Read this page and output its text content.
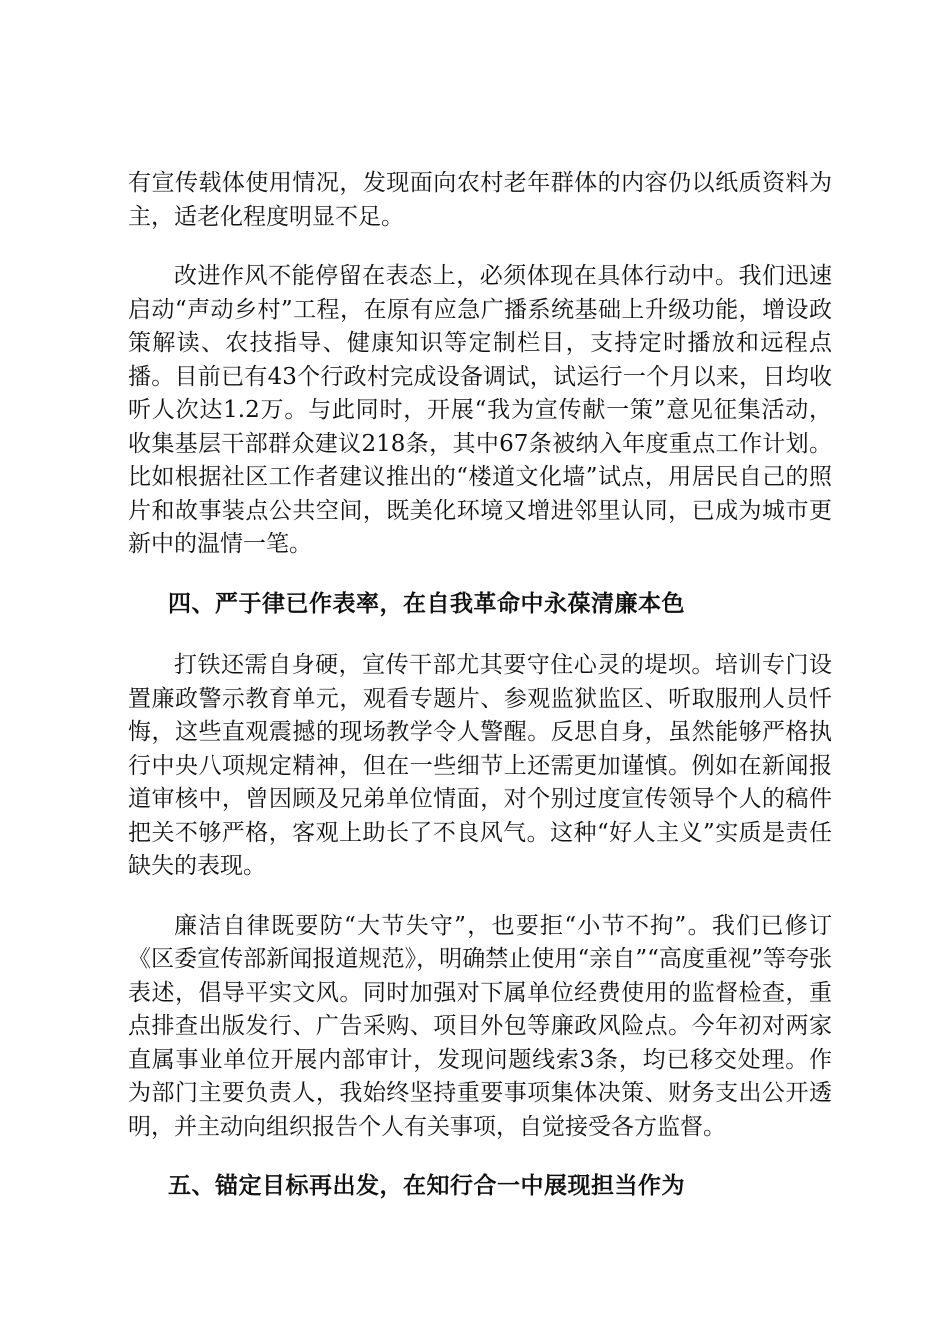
有宣传载体使用情况，发现面向农村老年群体的内容仍以纸质资料为主，适老化程度明显不足。

改进作风不能停留在表态上，必须体现在具体行动中。我们迅速启动“声动乡村”工程，在原有应急广播系统基础上升级功能，增设政策解读、农技指导、健康知识等定制栏目，支持定时播放和远程点播。目前已有43个行政村完成设备调试，试运行一个月以来，日均收听人次达1.2万。与此同时，开展“我为宣传献一策”意见征集活动，收集基层干部群众建议218条，其中67条被纳入年度重点工作计划。比如根据社区工作者建议推出的“楼道文化墙”试点，用居民自己的照片和故事装点公共空间，既美化环境又增进邻里认同，已成为城市更新中的温情一笔。

四、严于律已作表率，在自我革命中永葆清廉本色

打铁还需自身硬，宣传干部尤其要守住心灵的堤坝。培训专门设置廉政警示教育单元，观看专题片、参观监狱监区、听取服刑人员忏悔，这些直观震撼的现场教学令人警醒。反思自身，虽然能够严格执行中央八项规定精神，但在一些细节上还需更加谨慎。例如在新闻报道审核中，曾因顾及兄弟单位情面，对个别过度宣传领导个人的稿件把关不够严格，客观上助长了不良风气。这种“好人主义”实质是责任缺失的表现。

廉洁自律既要防“大节失守”，也要拒“小节不拘”。我们已修订《区委宣传部新闻报道规范》，明确禁止使用“亲自”“高度重视”等夸张表述，倡导平实文风。同时加强对下属单位经费使用的监督检查，重点排查出版发行、广告采购、项目外包等廉政风险点。今年初对两家直属事业单位开展内部审计，发现问题线索3条，均已移交处理。作为部门主要负责人，我始终坚持重要事项集体决策、财务支出公开透明，并主动向组织报告个人有关事项，自觉接受各方监督。

五、锚定目标再出发，在知行合一中展现担当作为
